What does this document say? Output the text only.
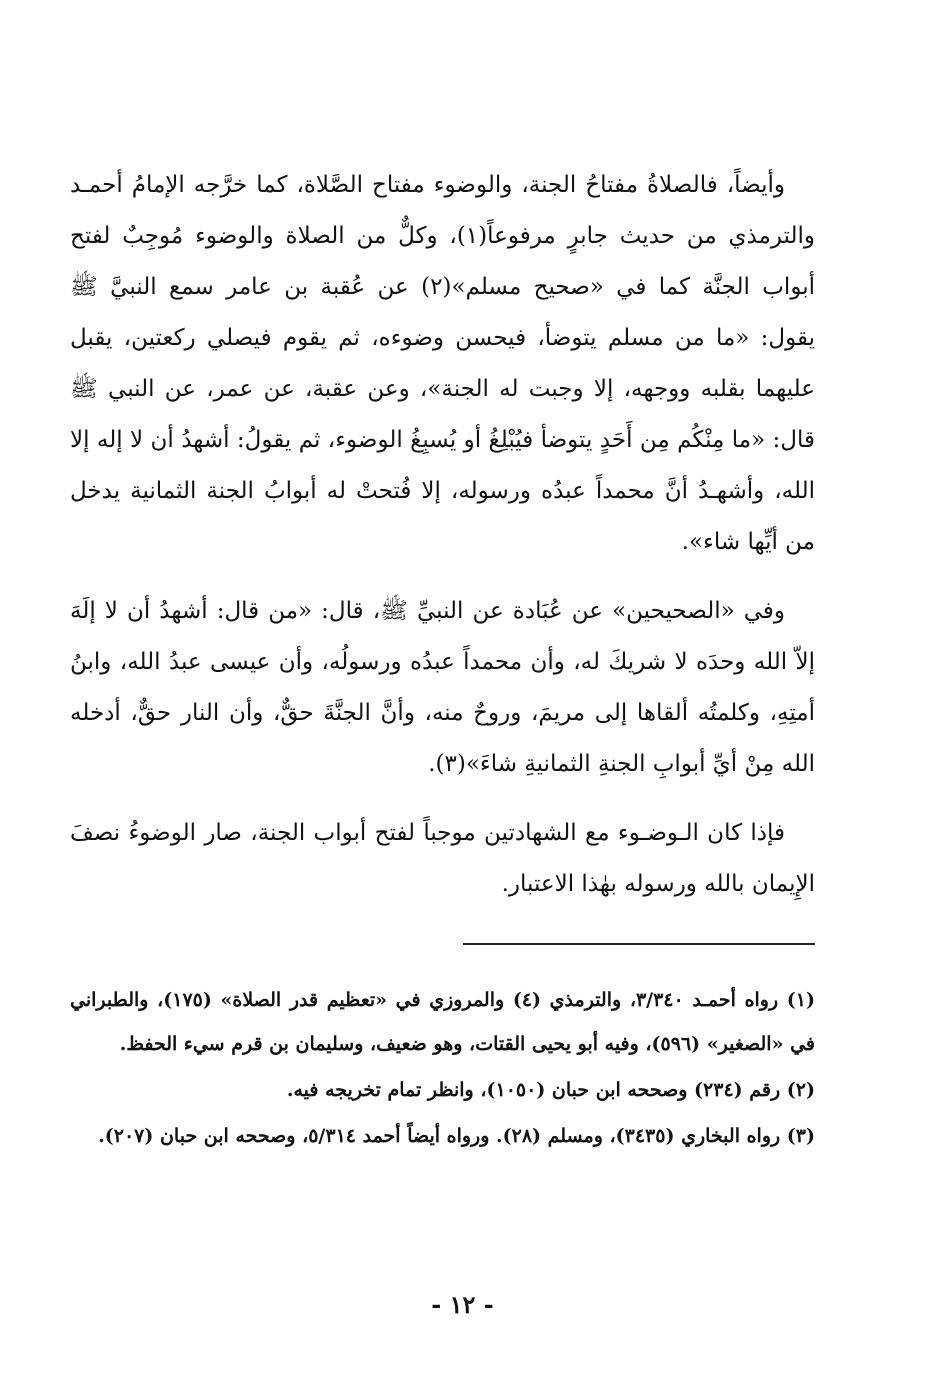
وأيضاً، فالصلاةُ مفتاحُ الجنة، والوضوء مفتاح الصَّلاة، كما خرَّجه الإمامُ أحمـد والترمذي من حديث جابرٍ مرفوعاً(١)، وكلٌّ من الصلاة والوضوء مُوجِبٌ لفتح أبواب الجنَّة كما في «صحيح مسلم»(٢) عن عُقبة بن عامر سمع النبيَّ ﷺ يقول: «ما من مسلم يتوضأ، فيحسن وضوءه، ثم يقوم فيصلي ركعتين، يقبل عليهما بقلبه ووجهه، إلا وجبت له الجنة»، وعن عقبة، عن عمر، عن النبي ﷺ قال: «ما مِنْكُم مِن أَحَدٍ يتوضأ فيُبْلِغُ أو يُسبِغُ الوضوء، ثم يقولُ: أشهدُ أن لا إله إلا الله، وأشهـدُ أنَّ محمداً عبدُه ورسوله، إلا فُتحتْ له أبوابُ الجنة الثمانية يدخل من أيِّها شاء».

وفي «الصحيحين» عن عُبَادة عن النبيِّ ﷺ، قال: «من قال: أشهدُ أن لا إلَهَ إلاّ الله وحدَه لا شريكَ له، وأن محمداً عبدُه ورسولُه، وأن عيسى عبدُ الله، وابنُ أمتِهِ، وكلمتُه ألقاها إلى مريمَ، وروحٌ منه، وأنَّ الجنَّةَ حقٌّ، وأن النار حقٌّ، أدخله الله مِنْ أيِّ أبوابِ الجنةِ الثمانيةِ شاءَ»(٣).

فإذا كان الـوضـوء مع الشهادتين موجباً لفتح أبواب الجنة، صار الوضوءُ نصفَ الإِيمان بالله ورسوله بهٰذا الاعتبار.

(١) رواه أحمـد ٣/٣٤٠، والترمذي (٤) والمروزي في «تعظيم قدر الصلاة» (١٧٥)، والطبراني في «الصغير» (٥٩٦)، وفيه أبو يحيى القتات، وهو ضعيف، وسليمان بن قرم سيء الحفظ.

(٢) رقم (٢٣٤) وصححه ابن حبان (١٠٥٠)، وانظر تمام تخريجه فيه.

(٣) رواه البخاري (٣٤٣٥)، ومسلم (٢٨). ورواه أيضاً أحمد ٥/٣١٤، وصححه ابن حبان (٢٠٧).

- ١٢ -
